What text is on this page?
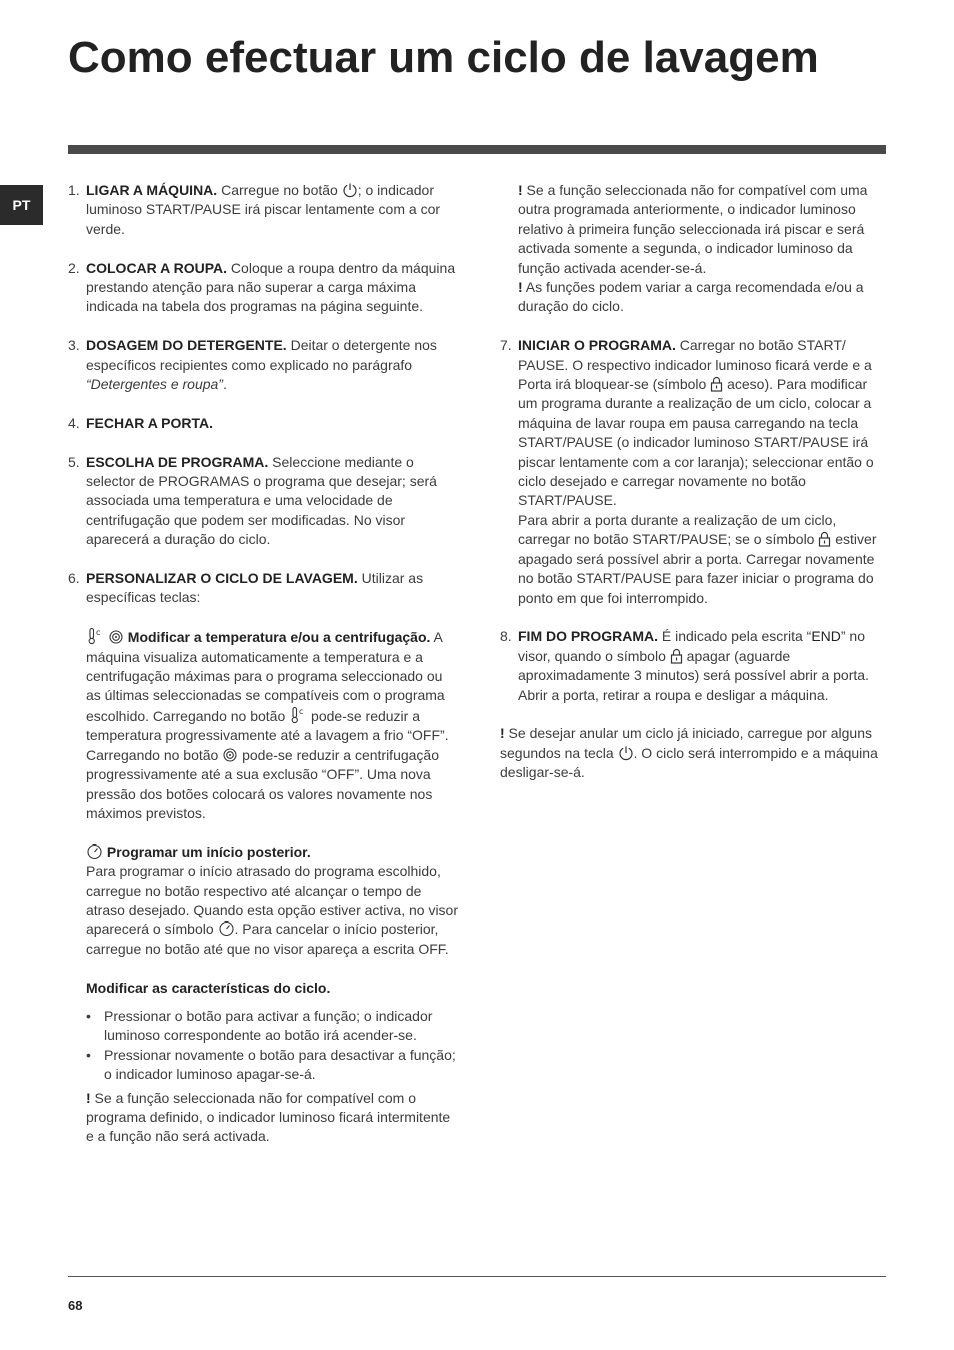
Como efectuar um ciclo de lavagem
PT
1. LIGAR A MÁQUINA. Carregue no botão
; o indicador luminoso START/PAUSE irá piscar lentamente com a cor verde.
2. COLOCAR A ROUPA. Coloque a roupa dentro da máquina prestando atenção para não superar a carga máxima indicada na tabela dos programas na página seguinte.
3. DOSAGEM DO DETERGENTE. Deitar o detergente nos específicos recipientes como explicado no parágrafo “Detergentes e roupa”.
4. FECHAR A PORTA.
5. ESCOLHA DE PROGRAMA. Seleccione mediante o selector de PROGRAMAS o programa que desejar; será associada uma temperatura e uma velocidade de centrifugação que podem ser modificadas. No visor aparecerá a duração do ciclo.
6. PERSONALIZAR O CICLO DE LAVAGEM. Utilizar as específicas teclas:
c
Modificar a temperatura e/ou a centrifugação. A máquina visualiza automaticamente a temperatura e a centrifugação máximas para o programa seleccionado ou as últimas seleccionadas se compatíveis com o programa escolhido. Carregando no botão c pode-se reduzir a temperatura progressivamente até a lavagem a frio “OFF”. Carregando no botão
pode-se reduzir a centrifugação progressivamente até a sua exclusão “OFF”. Uma nova pressão dos botões colocará os valores novamente nos máximos previstos.
Programar um início posterior.
Para programar o início atrasado do programa escolhido, carregue no botão respectivo até alcançar o tempo de atraso desejado. Quando esta opção estiver activa, no visor aparecerá o símbolo
. Para cancelar o início posterior, carregue no botão até que no visor apareça a escrita OFF.
Modificar as características do ciclo.
• Pressionar o botão para activar a função; o indicador luminoso correspondente ao botão irá acender-se.
• Pressionar novamente o botão para desactivar a função; o indicador luminoso apagar-se-á.
! Se a função seleccionada não for compatível com o programa definido, o indicador luminoso ficará intermitente e a função não será activada.
! Se a função seleccionada não for compatível com uma outra programada anteriormente, o indicador luminoso relativo à primeira função seleccionada irá piscar e será activada somente a segunda, o indicador luminoso da função activada acender-se-á.
! As funções podem variar a carga recomendada e/ou a duração do ciclo.
7. INICIAR O PROGRAMA. Carregar no botão START/ PAUSE. O respectivo indicador luminoso ficará verde e a Porta irá bloquear-se (símbolo
aceso). Para modificar um programa durante a realização de um ciclo, colocar a máquina de lavar roupa em pausa carregando na tecla START/PAUSE (o indicador luminoso START/PAUSE irá piscar lentamente com a cor laranja); seleccionar então o ciclo desejado e carregar novamente no botão START/PAUSE.
Para abrir a porta durante a realização de um ciclo, carregar no botão START/PAUSE; se o símbolo
estiver apagado será possível abrir a porta. Carregar novamente no botão START/PAUSE para fazer iniciar o programa do ponto em que foi interrompido.
8. FIM DO PROGRAMA. É indicado pela escrita “END” no visor, quando o símbolo
apagar (aguarde aproximadamente 3 minutos) será possível abrir a porta. Abrir a porta, retirar a roupa e desligar a máquina.
! Se desejar anular um ciclo já iniciado, carregue por alguns segundos na tecla
. O ciclo será interrompido e a máquina desligar-se-á.
68
